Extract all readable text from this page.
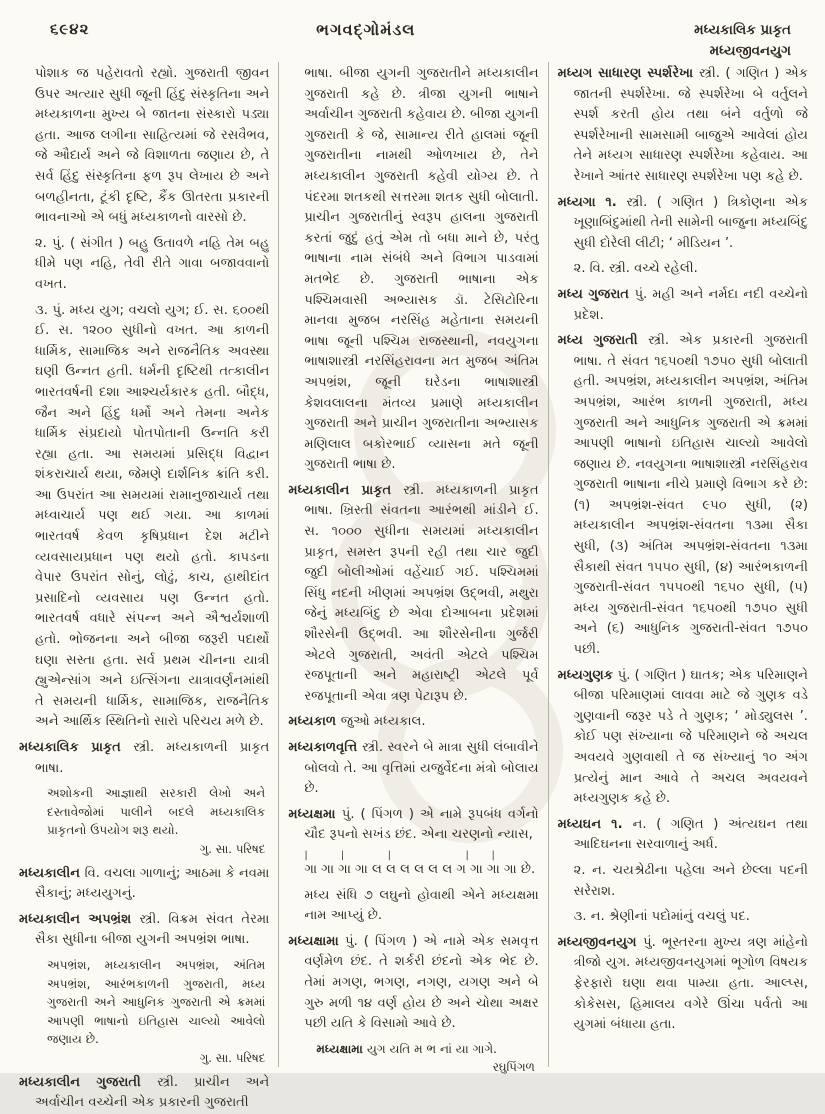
૬૯૪૨	ભગવદ્ગોમંડલ	મધ્યકાલિક પ્રાકૃત
મધ્યજીવનયુગ

પોશાક જ પહેરાવતો રહ્યો. ગુજરાતી જીવન ઉપર અત્યાર સુધી જૂની હિંદુ સંસ્કૃતિના અને મધ્યકાળના મુખ્ય બે જાતના સંસ્કારો પડ્યા હતા. આજ લગીના સાહિત્યમાં જે રસવૈભવ, જે ઔદાર્ય અને જે વિશાળતા જણાય છે, તે સર્વ હિંદુ સંસ્કૃતિના ફળ રૂપ લેખાય છે અને બળહીનતા, ટૂંકી દૃષ્ટિ, કૈંક ઊતરતા પ્રકારની ભાવનાઓ એ બધું મધ્યકાળનો વારસો છે.

૨. પું. ( સંગીત ) બહુ ઉતાવળે નહિ તેમ બહુ ધીમે પણ નહિ, તેવી રીતે ગાવા બજાવવાનો વખત.

૩. પું. મધ્ય યુગ; વચલો યુગ; ઈ. સ. ૬૦૦થી ઈ. સ. ૧૨૦૦ સુધીનો વખત. આ કાળની ધાર્મિક, સામાજિક અને રાજનૈતિક અવસ્થા ઘણી ઉન્નત હતી. ધર્મની દૃષ્ટિથી તત્કાલીન ભારતવર્ષની દશા આશ્ચર્યકારક હતી. બૌદ્ધ, જૈન અને હિંદુ ધર્મો અને તેમના અનેક ધાર્મિક સંપ્રદાયો પોતપોતાની ઉન્નતિ કરી રહ્યા હતા. આ સમયમાં પ્રસિદ્ધ વિદ્વાન શંકરાચાર્ય થયા, જેમણે દાર્શનિક ક્રાંતિ કરી. આ ઉપરાંત આ સમયમાં રામાનુજાચાર્ય તથા મધ્વાચાર્ય પણ થઈ ગયા. આ કાળમાં ભારતવર્ષ કેવળ કૃષિપ્રધાન દેશ મટીને વ્યવસાયપ્રધાન પણ થયો હતો. કાપડના વેપાર ઉપરાંત સોનું, લોઢું, કાચ, હાથીદાંત પ્રસાદિનો વ્યવસાય પણ ઉન્નત હતો. ભારતવર્ષ વધારે સંપન્ન અને ઐશ્વર્યશાળી હતો. ભોજનના અને બીજા જરૂરી પદાર્થો ઘણા સસ્તા હતા. સર્વ પ્રથમ ચીનના યાત્રી હ્યુએન્સાંગ અને ઇત્સિંગના યાત્રાવર્ણનમાંથી તે સમયની ધાર્મિક, સામાજિક, રાજનૈતિક અને આર્થિક સ્થિતિનો સારો પરિચય મળે છે.

મધ્યકાલિક પ્રાકૃત સ્ત્રી. મધ્યકાળની પ્રાકૃત ભાષા.

અશોકની આજ્ઞાથી સરકારી લેખો અને દસ્તાવેજોમાં પાલીને બદલે મધ્યકાલિક પ્રાકૃતનો ઉપયોગ શરૂ થયો.
ગુ. સા. પરિષદ

મધ્યકાલીન વિ. વચલા ગાળાનું; આઠમા કે નવમા સૈકાનું; મધ્યયુગનું.

મધ્યકાલીન અપભ્રંશ સ્ત્રી. વિક્રમ સંવત તેરમા સૈકા સુધીના બીજા યુગની અપભ્રંશ ભાષા.

અપભ્રંશ, મધ્યકાલીન અપભ્રંશ, અંતિમ અપભ્રંશ, આરંભકાળની ગુજરાતી, મધ્ય ગુજરાતી અને આધુનિક ગુજરાતી એ ક્રમમાં આપણી ભાષાનો ઇતિહાસ ચાલ્યો આવેલો જણાય છે.
ગુ. સા. પરિષદ

મધ્યકાલીન ગુજરાતી સ્ત્રી. પ્રાચીન અને અર્વાચીન વચ્ચેની એક પ્રકારની ગુજરાતી

ભાષા. બીજા યુગની ગુજરાતીને મધ્યકાલીન ગુજરાતી કહે છે. ત્રીજા યુગની ભાષાને અર્વાચીન ગુજરાતી કહેવાય છે. બીજા યુગની ગુજરાતી કે જે, સામાન્ય રીતે હાલમાં જૂની ગુજરાતીના નામથી ઓળખાય છે, તેને મધ્યકાલીન ગુજરાતી કહેવી યોગ્ય છે. તે પંદરમા શતકથી સત્તરમા શતક સુધી બોલાતી. પ્રાચીન ગુજરાતીનું સ્વરૂપ હાલના ગુજરાતી કરતાં જુદું હતું એમ તો બધા માને છે, પરંતુ ભાષાના નામ સંબંધે અને વિભાગ પાડવામાં મતભેદ છે. ગુજરાતી ભાષાના એક પશ્ચિમવાસી અભ્યાસક ડૉ. ટેસિટોરિના માનવા મુજબ નરસિંહ મહેતાના સમયની ભાષા જૂની પશ્ચિમ રાજસ્થાની, નવયુગના ભાષાશાસ્ત્રી નરસિંહરાવના મત મુજબ અંતિમ અપભ્રંશ, જૂની ઘરેડના ભાષાશાસ્ત્રી કેશવલાલના મંતવ્ય પ્રમાણે મધ્યકાલીન ગુજરાતી અને પ્રાચીન ગુજરાતીના અભ્યાસક મણિલાલ બકોરભાઈ વ્યાસના મતે જૂની ગુજરાતી ભાષા છે.

મધ્યકાલીન પ્રાકૃત સ્ત્રી. મધ્યકાળની પ્રાકૃત ભાષા. ખ્રિસ્તી સંવતના આરંભથી માંડીને ઈ. સ. ૧૦૦૦ સુધીના સમયમાં મધ્યકાલીન પ્રાકૃત, સમસ્ત રૂપની રહી તથા ચાર જુદી જુદી બોલીઓમાં વહેંચાઈ ગઈ. પશ્ચિમમાં સિંધુ નદની ખીણમાં અપભ્રંશ ઉદ્ભવી, મથુરા જેનું મધ્યબિંદુ છે એવા દોઆબના પ્રદેશમાં શૌરસેની ઉદ્ભવી. આ શૌરસેનીના ગુર્જરી એટલે ગુજરાતી, અવંતી એટલે પશ્ચિમ રજપૂતાની અને મહારાષ્ટ્રી એટલે પૂર્વ રજપૂતાની એવા ત્રણ પેટારૂપ છે.

મધ્યકાળ જુઓ મધ્યકાલ.

મધ્યકાળવૃત્તિ સ્ત્રી. સ્વરને બે માત્રા સુધી લંબાવીને બોલવો તે. આ વૃત્તિમાં યજુર્વેદના મંત્રો બોલાય છે.

મધ્યક્ષમા પું. ( પિંગળ ) એ નામે રૂપબંધ વર્ગનો ચૌદ રૂપનો સખંડ છંદ. એના ચરણનો ન્યાસ,

|      |        |              |    |
ગા ગા ગા ગા લ લ લ લ લ લ ગ ગા ગા ગા છે.

મધ્ય સંધિ ૭ લઘુનો હોવાથી એને મધ્યક્ષમા નામ આપ્યું છે.

મધ્યક્ષામા પું. ( પિંગળ ) એ નામે એક સમવૃત્ત વર્ણમેળ છંદ. તે શર્કરી છંદનો એક ભેદ છે. તેમાં મગણ, ભગણ, નગણ, યગણ અને બે ગુરુ મળી ૧૪ વર્ણ હોય છે અને ચોથા અક્ષર પછી યતિ કે વિસામો આવે છે.

મધ્યક્ષામા યુગ યતિ મ ભ નાં યા ગાગે.
રઘુપિંગળ

મધ્યગ સાધારણ સ્પર્શરેખા સ્ત્રી. ( ગણિત ) એક જાતની સ્પર્શરેખા. જે સ્પર્શરેખા બે વર્તુલને સ્પર્શ કરતી હોય તથા બંને વર્તુળો જે સ્પર્શરેખાની સામસામી બાજુએ આવેલાં હોય તેને મધ્યગ સાધારણ સ્પર્શરેખા કહેવાય. આ રેખાને આંતર સાધારણ સ્પર્શરેખા પણ કહે છે.

મધ્યગા ૧. સ્ત્રી. ( ગણિત ) ત્રિકોણના એક ખૂણાબિંદુમાંથી તેની સામેની બાજુના મધ્યબિંદુ સુધી દોરેલી લીટી; ‘ મીડિયન ’.

૨. વિ. સ્ત્રી. વચ્ચે રહેલી.

મધ્ય ગુજરાત પું. મહી અને નર્મદા નદી વચ્ચેનો પ્રદેશ.

મધ્ય ગુજરાતી સ્ત્રી. એક પ્રકારની ગુજરાતી ભાષા. તે સંવત ૧૬૫૦થી ૧૭૫૦ સુધી બોલાતી હતી. અપભ્રંશ, મધ્યકાલીન અપભ્રંશ, અંતિમ અપભ્રંશ, આરંભ કાળની ગુજરાતી, મધ્ય ગુજરાતી અને આધુનિક ગુજરાતી એ ક્રમમાં આપણી ભાષાનો ઇતિહાસ ચાલ્યો આવેલો જણાય છે. નવયુગના ભાષાશાસ્ત્રી નરસિંહરાવ ગુજરાતી ભાષાના નીચે પ્રમાણે વિભાગ કરે છે: (૧) અપભ્રંશ-સંવત ૯૫૦ સુધી, (૨) મધ્યકાલીન અપભ્રંશ-સંવતના ૧૩મા સૈકા સુધી, (૩) અંતિમ અપભ્રંશ-સંવતના ૧૩મા સૈકાથી સંવત ૧૫૫૦ સુધી, (૪) આરંભકાળની ગુજરાતી-સંવત ૧૫૫૦થી ૧૬૫૦ સુધી, (૫) મધ્ય ગુજરાતી-સંવત ૧૬૫૦થી ૧૭૫૦ સુધી અને (૬) આધુનિક ગુજરાતી-સંવત ૧૭૫૦ પછી.

મધ્યગુણક પું. ( ગણિત ) ઘાતક; એક પરિમાણને બીજા પરિમાણમાં લાવવા માટે જે ગુણક વડે ગુણવાની જરૂર પડે તે ગુણક; ‘ મોડ્યુલસ ’. કોઈ પણ સંખ્યાના જે પરિમાણને જે અચલ અવયવે ગુણવાથી તે જ સંખ્યાનું ૧૦ અંગ પ્રત્યેનું માન આવે તે અચલ અવયવને મધ્યગુણક કહે છે.

મધ્યઘન ૧. ન. ( ગણિત ) અંત્યઘન તથા આદિઘનના સરવાળાનું અર્ધ.

૨. ન. ચયશ્રેઢીના પહેલા અને છેલ્લા પદની સરેરાશ.

૩. ન. શ્રેણીનાં પદોમાંનું વચલું પદ.

મધ્યજીવનયુગ પું. ભૂસ્તરના મુખ્ય ત્રણ માંહેનો ત્રીજો યુગ. મધ્યજીવનયુગમાં ભૂગોળ વિષયક ફેરફારો ઘણા થવા પામ્યા હતા. આલ્પ્સ, કોકેસસ, હિમાલય વગેરે ઊંચા પર્વતો આ યુગમાં બંધાયા હતા.
